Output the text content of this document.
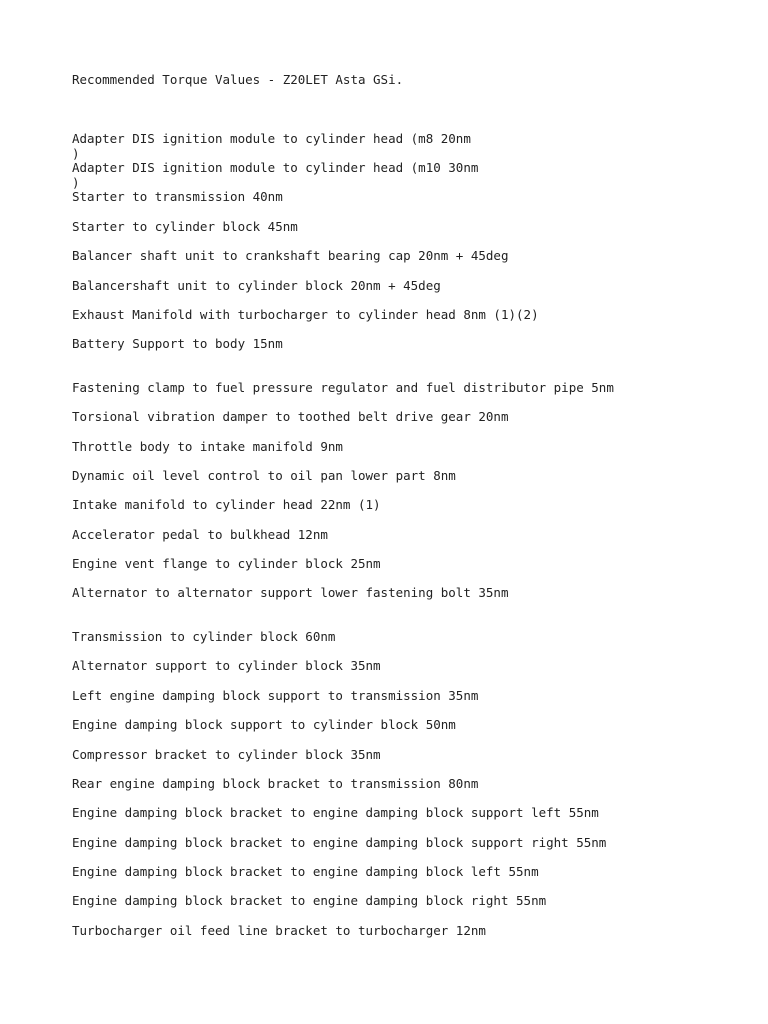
Recommended Torque Values - Z20LET Asta GSi.
Adapter DIS ignition module to cylinder head (m8 20nm
)
Adapter DIS ignition module to cylinder head (m10 30nm
)
Starter to transmission 40nm
Starter to cylinder block 45nm
Balancer shaft unit to crankshaft bearing cap 20nm + 45deg
Balancershaft unit to cylinder block 20nm + 45deg
Exhaust Manifold with turbocharger to cylinder head 8nm (1)(2)
Battery Support to body 15nm
Fastening clamp to fuel pressure regulator and fuel distributor pipe 5nm
Torsional vibration damper to toothed belt drive gear 20nm
Throttle body to intake manifold 9nm
Dynamic oil level control to oil pan lower part 8nm
Intake manifold to cylinder head 22nm (1)
Accelerator pedal to bulkhead 12nm
Engine vent flange to cylinder block 25nm
Alternator to alternator support lower fastening bolt 35nm
Transmission to cylinder block 60nm
Alternator support to cylinder block 35nm
Left engine damping block support to transmission 35nm
Engine damping block support to cylinder block 50nm
Compressor bracket to cylinder block 35nm
Rear engine damping block bracket to transmission 80nm
Engine damping block bracket to engine damping block support left 55nm
Engine damping block bracket to engine damping block support right 55nm
Engine damping block bracket to engine damping block left 55nm
Engine damping block bracket to engine damping block right 55nm
Turbocharger oil feed line bracket to turbocharger 12nm
